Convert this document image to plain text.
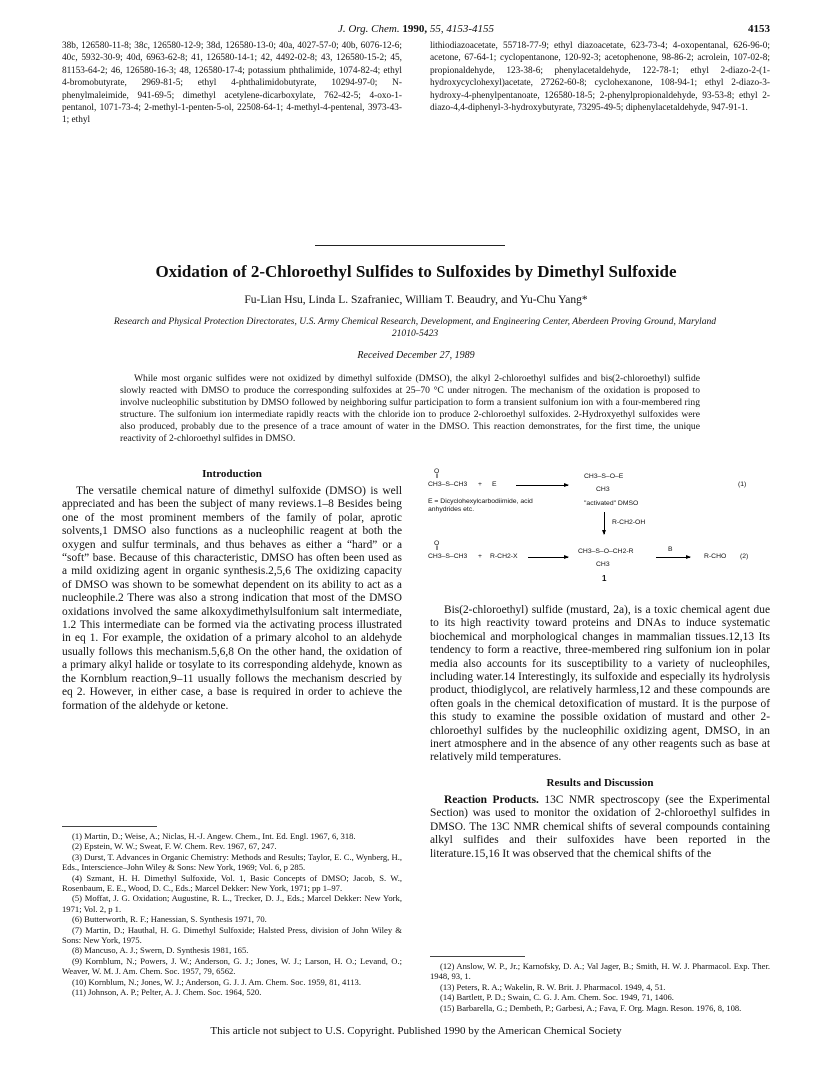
J. Org. Chem. 1990, 55, 4153-4155	4153
38b, 126580-11-8; 38c, 126580-12-9; 38d, 126580-13-0; 40a, 4027-57-0; 40b, 6076-12-6; 40c, 5932-30-9; 40d, 6963-62-8; 41, 126580-14-1; 42, 4492-02-8; 43, 126580-15-2; 45, 81153-64-2; 46, 126580-16-3; 48, 126580-17-4; potassium phthalimide, 1074-82-4; ethyl 4-bromobutyrate, 2969-81-5; ethyl 4-phthalimidobutyrate, 10294-97-0; N-phenylmaleimide, 941-69-5; dimethyl acetylene-dicarboxylate, 762-42-5; 4-oxo-1-pentanol, 1071-73-4; 2-methyl-1-penten-5-ol, 22508-64-1; 4-methyl-4-pentenal, 3973-43-1; ethyl
lithiodiazoacetate, 55718-77-9; ethyl diazoacetate, 623-73-4; 4-oxopentanal, 626-96-0; acetone, 67-64-1; cyclopentanone, 120-92-3; acetophenone, 98-86-2; acrolein, 107-02-8; propionaldehyde, 123-38-6; phenylacetaldehyde, 122-78-1; ethyl 2-diazo-2-(1-hydroxycyclohexyl)acetate, 27262-60-8; cyclohexanone, 108-94-1; ethyl 2-diazo-3-hydroxy-4-phenylpentanoate, 126580-18-5; 2-phenylpropionaldehyde, 93-53-8; ethyl 2-diazo-4,4-diphenyl-3-hydroxybutyrate, 73295-49-5; diphenylacetaldehyde, 947-91-1.
Oxidation of 2-Chloroethyl Sulfides to Sulfoxides by Dimethyl Sulfoxide
Fu-Lian Hsu, Linda L. Szafraniec, William T. Beaudry, and Yu-Chu Yang*
Research and Physical Protection Directorates, U.S. Army Chemical Research, Development, and Engineering Center, Aberdeen Proving Ground, Maryland 21010-5423
Received December 27, 1989
While most organic sulfides were not oxidized by dimethyl sulfoxide (DMSO), the alkyl 2-chloroethyl sulfides and bis(2-chloroethyl) sulfide slowly reacted with DMSO to produce the corresponding sulfoxides at 25–70 °C under nitrogen. The mechanism of the oxidation is proposed to involve nucleophilic substitution by DMSO followed by neighboring sulfur participation to form a transient sulfonium ion with a four-membered ring structure. The sulfonium ion intermediate rapidly reacts with the chloride ion to produce 2-chloroethyl sulfoxides. 2-Hydroxyethyl sulfoxides were also produced, probably due to the presence of a trace amount of water in the DMSO. This reaction demonstrates, for the first time, the unique reactivity of 2-chloroethyl sulfides in DMSO.
Introduction

The versatile chemical nature of dimethyl sulfoxide (DMSO) is well appreciated and has been the subject of many reviews.1–8 Besides being one of the most prominent members of the family of polar, aprotic solvents,1 DMSO also functions as a nucleophilic reagent at both the oxygen and sulfur terminals, and thus behaves as either a “hard” or a “soft” base. Because of this characteristic, DMSO has often been used as a mild oxidizing agent in organic synthesis.2,5,6 The oxidizing capacity of DMSO was shown to be somewhat dependent on its ability to act as a nucleophile.2 There was also a strong indication that most of the DMSO oxidations involved the same alkoxydimethylsulfonium salt intermediate, 1.2 This intermediate can be formed via the activating process illustrated in eq 1. For example, the oxidation of a primary alcohol to an aldehyde usually follows this mechanism.5,6,8 On the other hand, the oxidation of a primary alkyl halide or tosylate to its corresponding aldehyde, known as the Kornblum reaction,9–11 usually follows the mechanism descried by eq 2. However, in either case, a base is required in order to achieve the formation of the aldehyde or ketone.

(1) Martin, D.; Weise, A.; Niclas, H.-J. Angew. Chem., Int. Ed. Engl. 1967, 6, 318.
(2) Epstein, W. W.; Sweat, F. W. Chem. Rev. 1967, 67, 247.
(3) Durst, T. Advances in Organic Chemistry: Methods and Results; Taylor, E. C., Wynberg, H., Eds., Interscience–John Wiley & Sons: New York, 1969; Vol. 6, p 285.
(4) Szmant, H. H. Dimethyl Sulfoxide, Vol. 1, Basic Concepts of DMSO; Jacob, S. W., Rosenbaum, E. E., Wood, D. C., Eds.; Marcel Dekker: New York, 1971; pp 1–97.
(5) Moffat, J. G. Oxidation; Augustine, R. L., Trecker, D. J., Eds.; Marcel Dekker: New York, 1971; Vol. 2, p 1.
(6) Butterworth, R. F.; Hanessian, S. Synthesis 1971, 70.
(7) Martin, D.; Hauthal, H. G. Dimethyl Sulfoxide; Halsted Press, division of John Wiley & Sons: New York, 1975.
(8) Mancuso, A. J.; Swern, D. Synthesis 1981, 165.
(9) Kornblum, N.; Powers, J. W.; Anderson, G. J.; Jones, W. J.; Larson, H. O.; Levand, O.; Weaver, W. M. J. Am. Chem. Soc. 1957, 79, 6562.
(10) Kornblum, N.; Jones, W. J.; Anderson, G. J. J. Am. Chem. Soc. 1959, 81, 4113.
(11) Johnson, A. P.; Pelter, A. J. Chem. Soc. 1964, 520.
O
‖
CH3–S–CH3 + E
CH3–S–O–E
CH3
(1)
E = Dicyclohexylcarbodiimide, acid anhydrides etc.
"activated" DMSO
R-CH2-OH
O
‖
CH3–S–CH3 + R-CH2-X
CH3–S–O–CH2-R
CH3
B
R-CHO (2)
1

Bis(2-chloroethyl) sulfide (mustard, 2a), is a toxic chemical agent due to its high reactivity toward proteins and DNAs to induce systematic biochemical and morphological changes in mammalian tissues.12,13 Its tendency to form a reactive, three-membered ring sulfonium ion in polar media also accounts for its susceptibility to a variety of nucleophiles, including water.14 Interestingly, its sulfoxide and especially its hydrolysis product, thiodiglycol, are relatively harmless,12 and these compounds are often goals in the chemical detoxification of mustard. It is the purpose of this study to examine the possible oxidation of mustard and other 2-chloroethyl sulfides by the nucleophilic oxidizing agent, DMSO, in an inert atmosphere and in the absence of any other reagents such as base at relatively mild temperatures.

Results and Discussion

Reaction Products. 13C NMR spectroscopy (see the Experimental Section) was used to monitor the oxidation of 2-chloroethyl sulfides in DMSO. The 13C NMR chemical shifts of several compounds containing alkyl sulfides and their sulfoxides have been reported in the literature.15,16 It was observed that the chemical shifts of the

(12) Anslow, W. P., Jr.; Karnofsky, D. A.; Val Jager, B.; Smith, H. W. J. Pharmacol. Exp. Ther. 1948, 93, 1.
(13) Peters, R. A.; Wakelin, R. W. Brit. J. Pharmacol. 1949, 4, 51.
(14) Bartlett, P. D.; Swain, C. G. J. Am. Chem. Soc. 1949, 71, 1406.
(15) Barbarella, G.; Dembeth, P.; Garbesi, A.; Fava, F. Org. Magn. Reson. 1976, 8, 108.
This article not subject to U.S. Copyright. Published 1990 by the American Chemical Society
